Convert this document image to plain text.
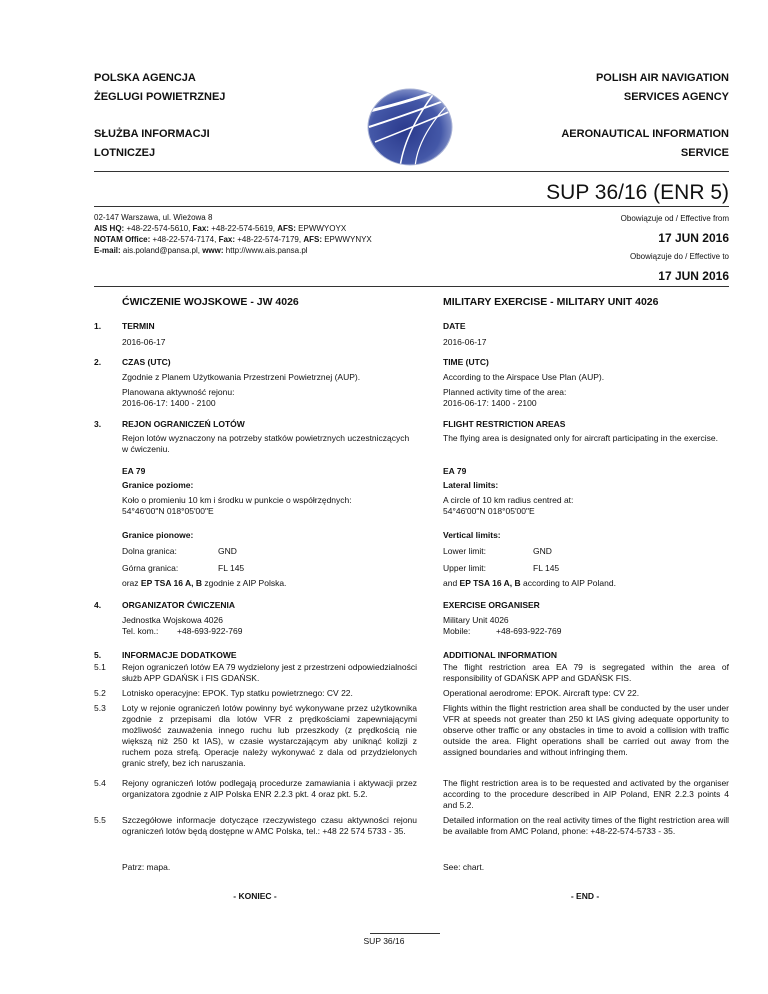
POLSKA AGENCJA
ŻEGLUGI POWIETRZNEJ
POLISH AIR NAVIGATION
SERVICES AGENCY
SŁUŻBA INFORMACJI
LOTNICZEJ
AERONAUTICAL INFORMATION
SERVICE
SUP 36/16 (ENR 5)
02-147 Warszawa, ul. Wieżowa 8
AIS HQ: +48-22-574-5610, Fax: +48-22-574-5619, AFS: EPWWYOYX
NOTAM Office: +48-22-574-7174, Fax: +48-22-574-7179, AFS: EPWWYNYX
E-mail: ais.poland@pansa.pl, www: http://www.ais.pansa.pl
Obowiązuje od / Effective from
17 JUN 2016
Obowiązuje do / Effective to
17 JUN 2016
ĆWICZENIE WOJSKOWE - JW 4026	MILITARY EXERCISE - MILITARY UNIT 4026
1.	TERMIN	DATE
2016-06-17	2016-06-17
2.	CZAS (UTC)	TIME (UTC)
Zgodnie z Planem Użytkowania Przestrzeni Powietrznej (AUP).
Planowana aktywność rejonu:
2016-06-17: 1400 - 2100
According to the Airspace Use Plan (AUP).
Planned activity time of the area:
2016-06-17: 1400 - 2100
3.	REJON OGRANICZEŃ LOTÓW	FLIGHT RESTRICTION AREAS
Rejon lotów wyznaczony na potrzeby statków powietrznych uczestniczących w ćwiczeniu.
The flying area is designated only for aircraft participating in the exercise.
EA 79	EA 79
Granice poziome:	Lateral limits:
Koło o promieniu 10 km i środku w punkcie o współrzędnych:
54°46'00"N 018°05'00"E
A circle of 10 km radius centred at:
54°46'00"N 018°05'00"E
Granice pionowe:	Vertical limits:
Dolna granica:	GND
Górna granica:	FL 145
Lower limit:	GND
Upper limit:	FL 145
oraz EP TSA 16 A, B zgodnie z AIP Polska.	and EP TSA 16 A, B according to AIP Poland.
4.	ORGANIZATOR ĆWICZENIA	EXERCISE ORGANISER
Jednostka Wojskowa 4026
Tel. kom.:	+48-693-922-769
Military Unit 4026
Mobile:	+48-693-922-769
5.	INFORMACJE DODATKOWE	ADDITIONAL INFORMATION
5.1	Rejon ograniczeń lotów EA 79 wydzielony jest z przestrzeni odpowiedzialności służb APP GDAŃSK i FIS GDAŃSK.
The flight restriction area EA 79 is segregated within the area of responsibility of GDAŃSK APP and GDAŃSK FIS.
5.2	Lotnisko operacyjne: EPOK. Typ statku powietrznego: CV 22.	Operational aerodrome: EPOK. Aircraft type: CV 22.
5.3	Loty w rejonie ograniczeń lotów powinny być wykonywane przez użytkownika zgodnie z przepisami dla lotów VFR z prędkościami zapewniającymi możliwość zauważenia innego ruchu lub przeszkody (z prędkością nie większą niż 250 kt IAS), w czasie wystarczającym aby uniknąć kolizji z ruchem poza strefą. Operacje należy wykonywać z dala od przydzielonych granic strefy, bez ich naruszania.
Flights within the flight restriction area shall be conducted by the user under VFR at speeds not greater than 250 kt IAS giving adequate opportunity to observe other traffic or any obstacles in time to avoid a collision with traffic outside the area. Flight operations shall be carried out away from the assigned boundaries and without infringing them.
5.4	Rejony ograniczeń lotów podlegają procedurze zamawiania i aktywacji przez organizatora zgodnie z AIP Polska ENR 2.2.3 pkt. 4 oraz pkt. 5.2.
The flight restriction area is to be requested and activated by the organiser according to the procedure described in AIP Poland, ENR 2.2.3 points 4 and 5.2.
5.5	Szczegółowe informacje dotyczące rzeczywistego czasu aktywności rejonu ograniczeń lotów będą dostępne w AMC Polska, tel.: +48 22 574 5733 - 35.
Detailed information on the real activity times of the flight restriction area will be available from AMC Poland, phone: +48-22-574-5733 - 35.
Patrz: mapa.	See: chart.
- KONIEC -	- END -
SUP 36/16
